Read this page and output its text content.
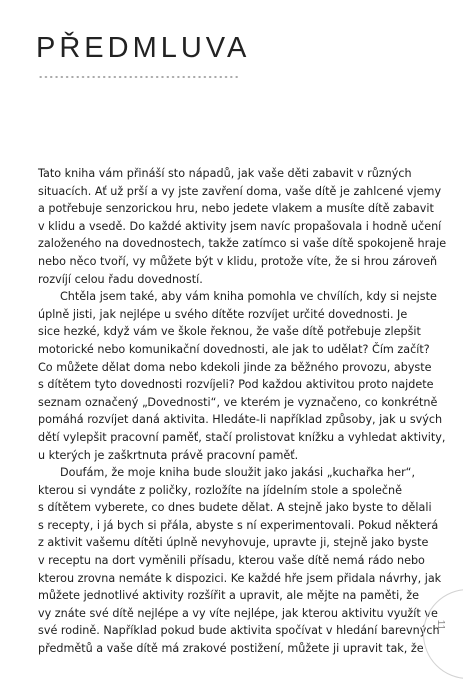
PŘEDMLUVA

Tato kniha vám přináší sto nápadů, jak vaše děti zabavit v různých
situacích. Ať už prší a vy jste zavření doma, vaše dítě je zahlcené vjemy
a potřebuje senzorickou hru, nebo jedete vlakem a musíte dítě zabavit
v klidu a vsedě. Do každé aktivity jsem navíc propašovala i hodně učení
založeného na dovednostech, takže zatímco si vaše dítě spokojeně hraje
nebo něco tvoří, vy můžete být v klidu, protože víte, že si hrou zároveň
rozvíjí celou řadu dovedností.

Chtěla jsem také, aby vám kniha pomohla ve chvílích, kdy si nejste
úplně jisti, jak nejlépe u svého dítěte rozvíjet určité dovednosti. Je
sice hezké, když vám ve škole řeknou, že vaše dítě potřebuje zlepšit
motorické nebo komunikační dovednosti, ale jak to udělat? Čím začít?
Co můžete dělat doma nebo kdekoli jinde za běžného provozu, abyste
s dítětem tyto dovednosti rozvíjeli? Pod každou aktivitou proto najdete
seznam označený „Dovednosti“, ve kterém je vyznačeno, co konkrétně
pomáhá rozvíjet daná aktivita. Hledáte-li například způsoby, jak u svých
dětí vylepšit pracovní paměť, stačí prolistovat knížku a vyhledat aktivity,
u kterých je zaškrtnuta právě pracovní paměť.

Doufám, že moje kniha bude sloužit jako jakási „kuchařka her“,
kterou si vyndáte z poličky, rozložíte na jídelním stole a společně
s dítětem vyberete, co dnes budete dělat. A stejně jako byste to dělali
s recepty, i já bych si přála, abyste s ní experimentovali. Pokud některá
z aktivit vašemu dítěti úplně nevyhovuje, upravte ji, stejně jako byste
v receptu na dort vyměnili přísadu, kterou vaše dítě nemá rádo nebo
kterou zrovna nemáte k dispozici. Ke každé hře jsem přidala návrhy, jak
můžete jednotlivé aktivity rozšířit a upravit, ale mějte na paměti, že
vy znáte své dítě nejlépe a vy víte nejlépe, jak kterou aktivitu využít ve
své rodině. Například pokud bude aktivita spočívat v hledání barevných
předmětů a vaše dítě má zrakové postižení, můžete ji upravit tak, že

11
